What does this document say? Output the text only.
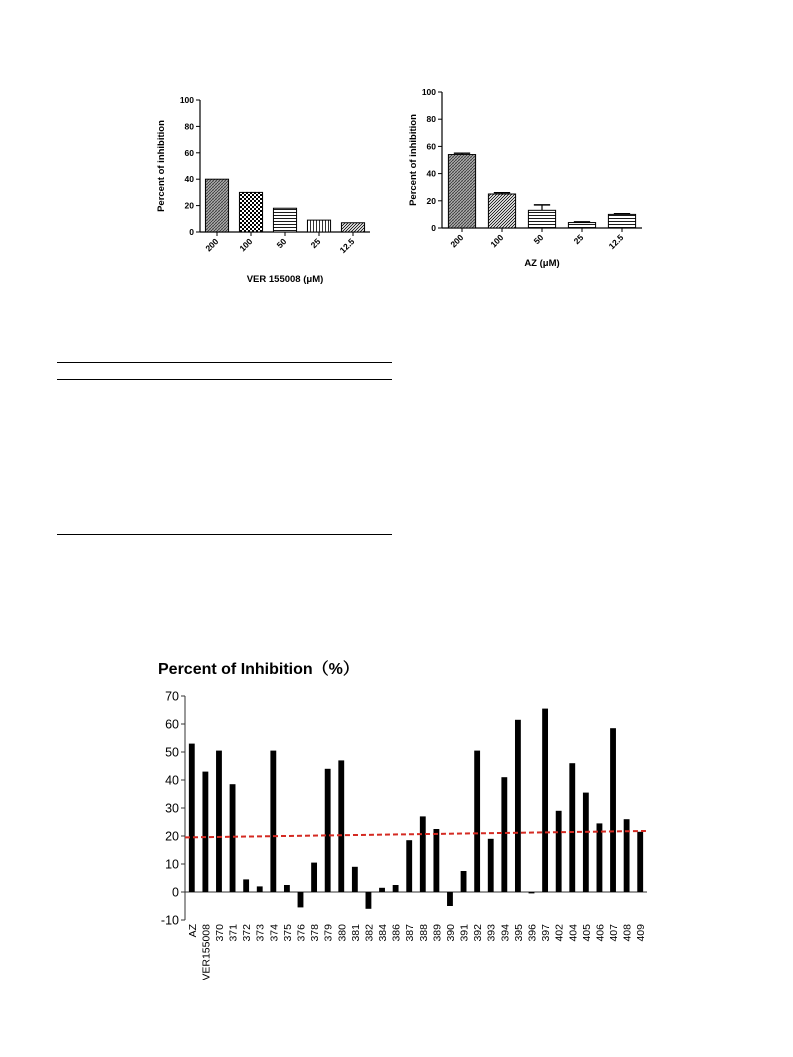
0
20
40
60
80
100
200 100 50 25 12.5
VER 155008 (μM)
Percent of inhibition
0
20
40
60
80
100
200	100	50	25 12.5
AZ (μM)
Percent of inhibition
Percent of Inhibition（%）
-10
0
10
20
30
40
50
60
70
AZ VER155008 370 371 372 373 374 375 376 378 379 380 381 382 384 386 387 388 389 390 391 392 393 394 395 396 397 402 404 405 406 407 408 409
